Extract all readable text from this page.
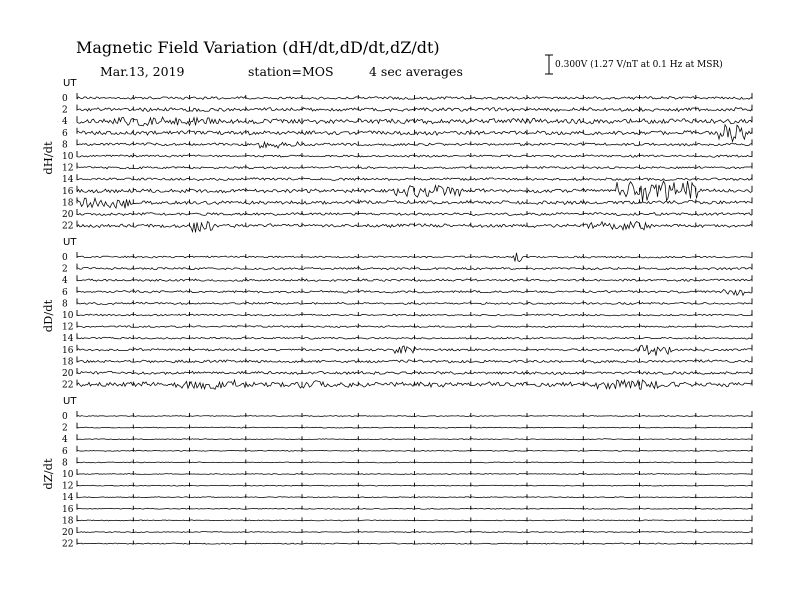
Magnetic Field Variation (dH/dt,dD/dt,dZ/dt)
Mar.13, 2019	station=MOS	4 sec averages	0.300V (1.27 V/nT at 0.1 Hz at MSR)
UT
dH/dt
0
2
4
6
8
10
12
14
16
18
20
22
UT
dD/dt
0
2
4
6
8
10
12
14
16
18
20
22
UT
dZ/dt
0
2
4
6
8
10
12
14
16
18
20
22
